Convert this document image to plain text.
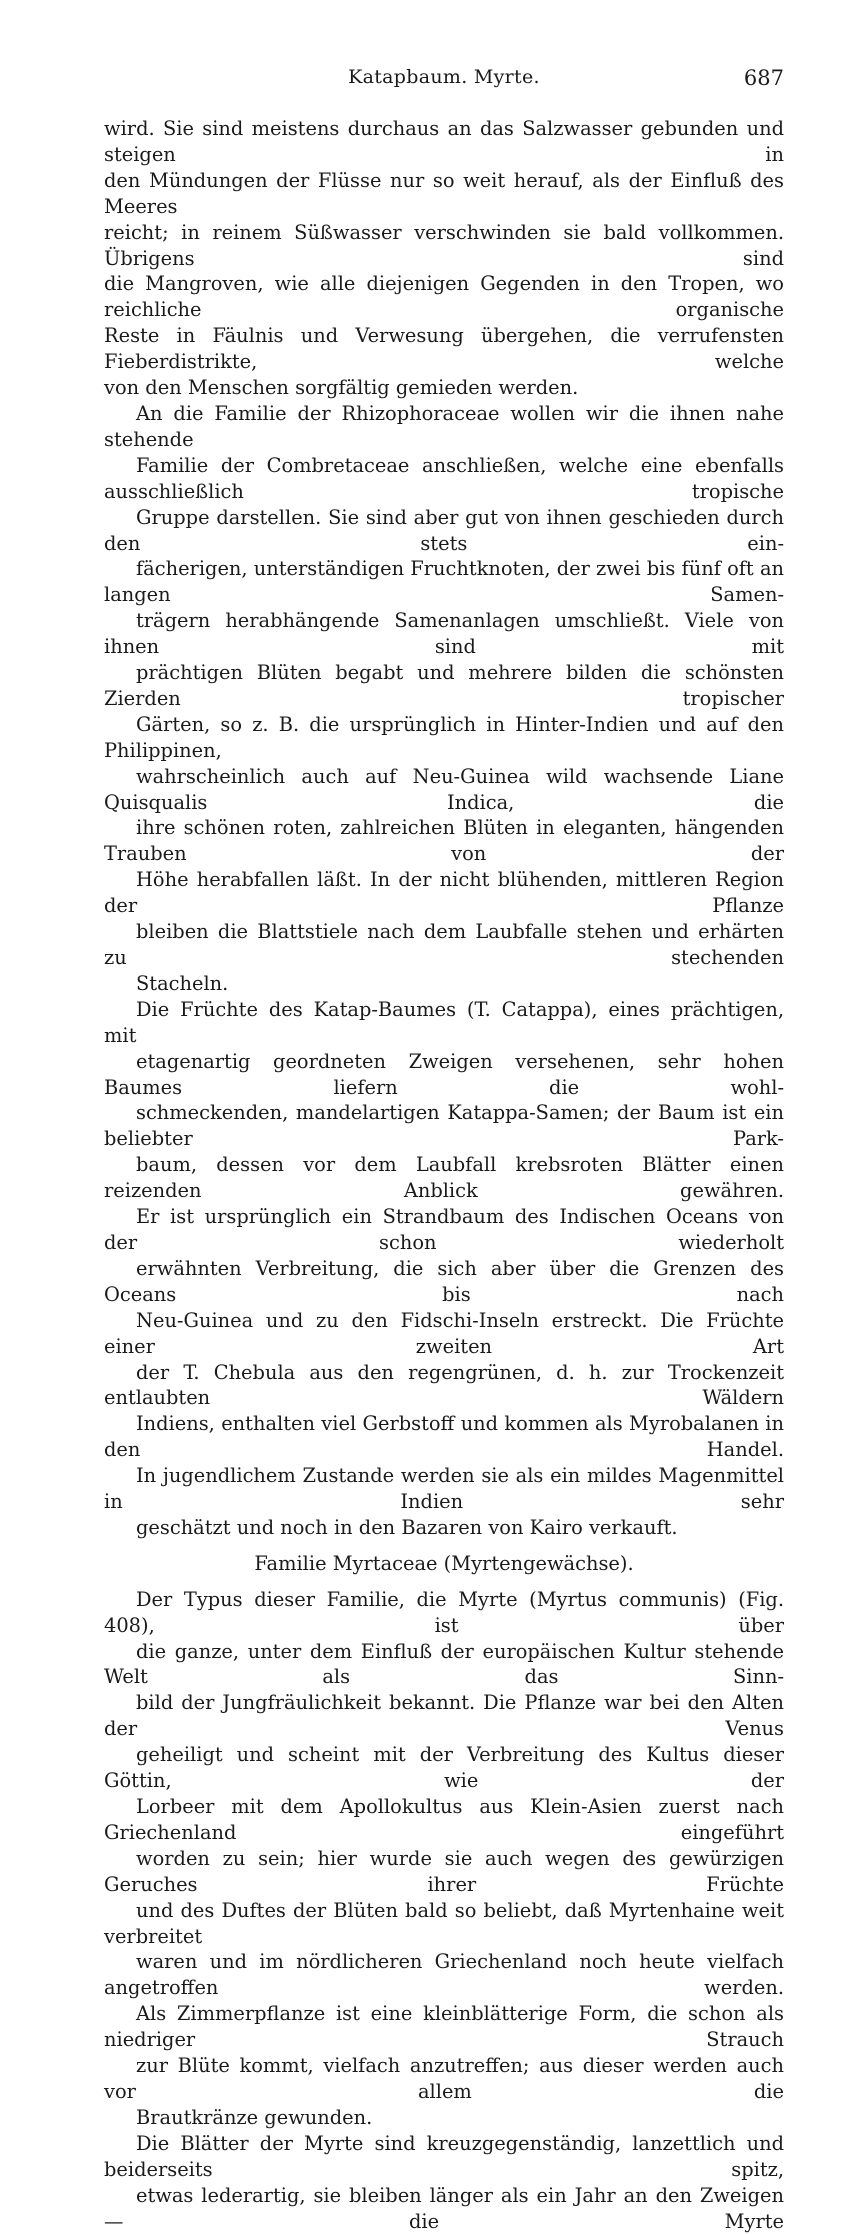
Katapbaum. Myrte.	687

wird. Sie sind meistens durchaus an das Salzwasser gebunden und steigen in
den Mündungen der Flüsse nur so weit herauf, als der Einfluß des Meeres
reicht; in reinem Süßwasser verschwinden sie bald vollkommen. Übrigens sind
die Mangroven, wie alle diejenigen Gegenden in den Tropen, wo reichliche organische
Reste in Fäulnis und Verwesung übergehen, die verrufensten Fieberdistrikte, welche
von den Menschen sorgfältig gemieden werden.

An die Familie der Rhizophoraceae wollen wir die ihnen nahe stehende
Familie der Combretaceae anschließen, welche eine ebenfalls ausschließlich tropische
Gruppe darstellen. Sie sind aber gut von ihnen geschieden durch den stets ein-
fächerigen, unterständigen Fruchtknoten, der zwei bis fünf oft an langen Samen-
trägern herabhängende Samenanlagen umschließt. Viele von ihnen sind mit
prächtigen Blüten begabt und mehrere bilden die schönsten Zierden tropischer
Gärten, so z. B. die ursprünglich in Hinter-Indien und auf den Philippinen,
wahrscheinlich auch auf Neu-Guinea wild wachsende Liane Quisqualis Indica, die
ihre schönen roten, zahlreichen Blüten in eleganten, hängenden Trauben von der
Höhe herabfallen läßt. In der nicht blühenden, mittleren Region der Pflanze
bleiben die Blattstiele nach dem Laubfalle stehen und erhärten zu stechenden
Stacheln.

Die Früchte des Katap-Baumes (T. Catappa), eines prächtigen, mit
etagenartig geordneten Zweigen versehenen, sehr hohen Baumes liefern die wohl-
schmeckenden, mandelartigen Katappa-Samen; der Baum ist ein beliebter Park-
baum, dessen vor dem Laubfall krebsroten Blätter einen reizenden Anblick gewähren.
Er ist ursprünglich ein Strandbaum des Indischen Oceans von der schon wiederholt
erwähnten Verbreitung, die sich aber über die Grenzen des Oceans bis nach
Neu-Guinea und zu den Fidschi-Inseln erstreckt. Die Früchte einer zweiten Art
der T. Chebula aus den regengrünen, d. h. zur Trockenzeit entlaubten Wäldern
Indiens, enthalten viel Gerbstoff und kommen als Myrobalanen in den Handel.
In jugendlichem Zustande werden sie als ein mildes Magenmittel in Indien sehr
geschätzt und noch in den Bazaren von Kairo verkauft.

Familie Myrtaceae (Myrtengewächse).

Der Typus dieser Familie, die Myrte (Myrtus communis) (Fig. 408), ist über
die ganze, unter dem Einfluß der europäischen Kultur stehende Welt als das Sinn-
bild der Jungfräulichkeit bekannt. Die Pflanze war bei den Alten der Venus
geheiligt und scheint mit der Verbreitung des Kultus dieser Göttin, wie der
Lorbeer mit dem Apollokultus aus Klein-Asien zuerst nach Griechenland eingeführt
worden zu sein; hier wurde sie auch wegen des gewürzigen Geruches ihrer Früchte
und des Duftes der Blüten bald so beliebt, daß Myrtenhaine weit verbreitet
waren und im nördlicheren Griechenland noch heute vielfach angetroffen werden.
Als Zimmerpflanze ist eine kleinblätterige Form, die schon als niedriger Strauch
zur Blüte kommt, vielfach anzutreffen; aus dieser werden auch vor allem die
Brautkränze gewunden.

Die Blätter der Myrte sind kreuzgegenständig, lanzettlich und beiderseits spitz,
etwas lederartig, sie bleiben länger als ein Jahr an den Zweigen — die Myrte
